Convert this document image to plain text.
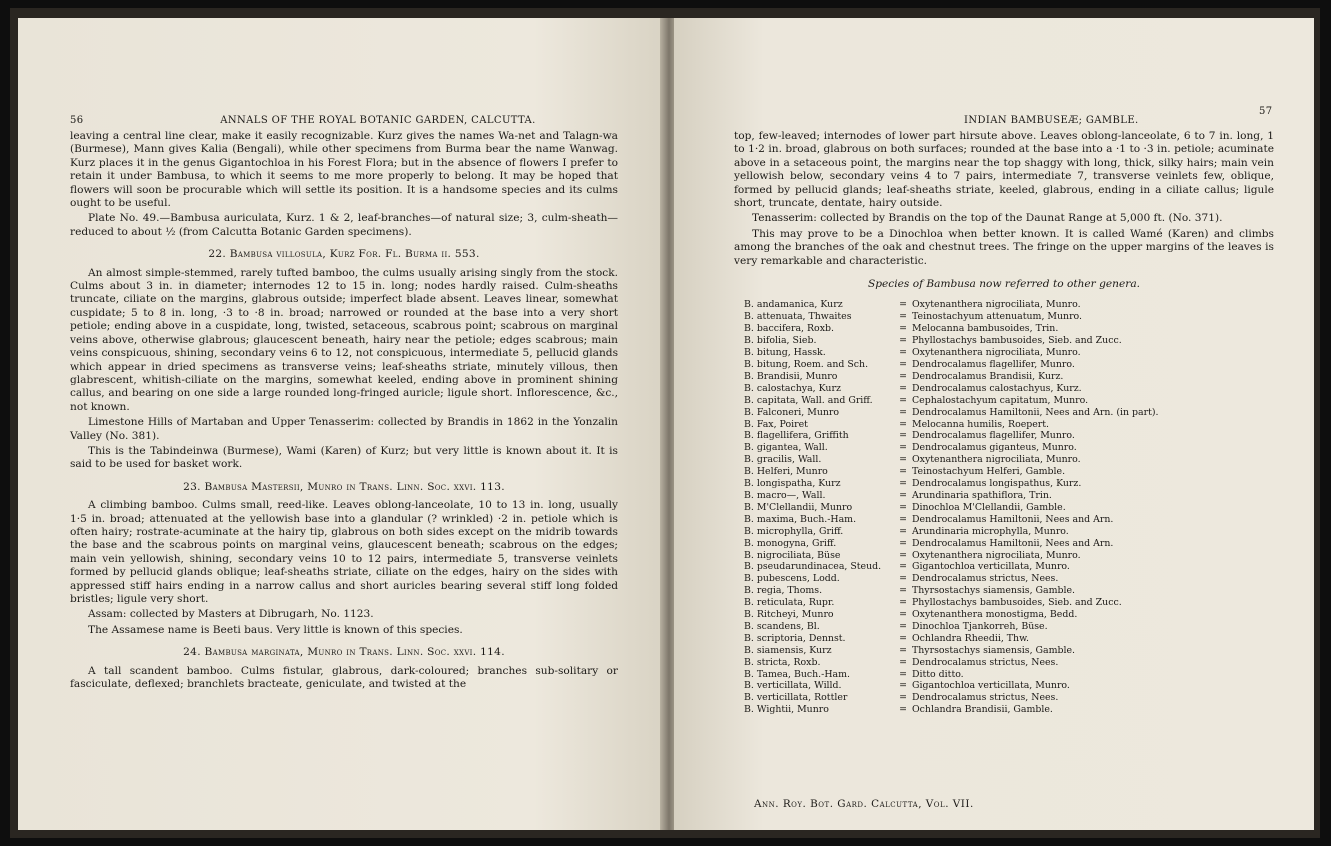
56	ANNALS OF THE ROYAL BOTANIC GARDEN, CALCUTTA.

leaving a central line clear, make it easily recognizable. Kurz gives the names Wa-net and Talagn-wa (Burmese), Mann gives Kalia (Bengali), while other specimens from Burma bear the name Wanwag. Kurz places it in the genus Gigantochloa in his Forest Flora; but in the absence of flowers I prefer to retain it under Bambusa, to which it seems to me more properly to belong. It may be hoped that flowers will soon be procurable which will settle its position. It is a handsome species and its culms ought to be useful.

Plate No. 49.—Bambusa auriculata, Kurz. 1 & 2, leaf-branches—of natural size; 3, culm-sheath—reduced to about ½ (from Calcutta Botanic Garden specimens).

22. Bambusa villosula, Kurz For. Fl. Burma ii. 553.

An almost simple-stemmed, rarely tufted bamboo, the culms usually arising singly from the stock. Culms about 3 in. in diameter; internodes 12 to 15 in. long; nodes hardly raised. Culm-sheaths truncate, ciliate on the margins, glabrous outside; imperfect blade absent. Leaves linear, somewhat cuspidate; 5 to 8 in. long, ·3 to ·8 in. broad; narrowed or rounded at the base into a very short petiole; ending above in a cuspidate, long, twisted, setaceous, scabrous point; scabrous on marginal veins above, otherwise glabrous; glaucescent beneath, hairy near the petiole; edges scabrous; main veins conspicuous, shining, secondary veins 6 to 12, not conspicuous, intermediate 5, pellucid glands which appear in dried specimens as transverse veins; leaf-sheaths striate, minutely villous, then glabrescent, whitish-ciliate on the margins, somewhat keeled, ending above in prominent shining callus, and bearing on one side a large rounded long-fringed auricle; ligule short. Inflorescence, &c., not known.

Limestone Hills of Martaban and Upper Tenasserim: collected by Brandis in 1862 in the Yonzalin Valley (No. 381).

This is the Tabindeinwa (Burmese), Wami (Karen) of Kurz; but very little is known about it. It is said to be used for basket work.

23. Bambusa Mastersii, Munro in Trans. Linn. Soc. xxvi. 113.

A climbing bamboo. Culms small, reed-like. Leaves oblong-lanceolate, 10 to 13 in. long, usually 1·5 in. broad; attenuated at the yellowish base into a glandular (? wrinkled) ·2 in. petiole which is often hairy; rostrate-acuminate at the hairy tip, glabrous on both sides except on the midrib towards the base and the scabrous points on marginal veins, glaucescent beneath; scabrous on the edges; main vein yellowish, shining, secondary veins 10 to 12 pairs, intermediate 5, transverse veinlets formed by pellucid glands oblique; leaf-sheaths striate, ciliate on the edges, hairy on the sides with appressed stiff hairs ending in a narrow callus and short auricles bearing several stiff long folded bristles; ligule very short.

Assam: collected by Masters at Dibrugarh, No. 1123.

The Assamese name is Beeti baus. Very little is known of this species.

24. Bambusa marginata, Munro in Trans. Linn. Soc. xxvi. 114.

A tall scandent bamboo. Culms fistular, glabrous, dark-coloured; branches sub-solitary or fasciculate, deflexed; branchlets bracteate, geniculate, and twisted at the

INDIAN BAMBUSEÆ; GAMBLE.
57

top, few-leaved; internodes of lower part hirsute above. Leaves oblong-lanceolate, 6 to 7 in. long, 1 to 1·2 in. broad, glabrous on both surfaces; rounded at the base into a ·1 to ·3 in. petiole; acuminate above in a setaceous point, the margins near the top shaggy with long, thick, silky hairs; main vein yellowish below, secondary veins 4 to 7 pairs, intermediate 7, transverse veinlets few, oblique, formed by pellucid glands; leaf-sheaths striate, keeled, glabrous, ending in a ciliate callus; ligule short, truncate, dentate, hairy outside.

Tenasserim: collected by Brandis on the top of the Daunat Range at 5,000 ft. (No. 371).

This may prove to be a Dinochloa when better known. It is called Wamé (Karen) and climbs among the branches of the oak and chestnut trees. The fringe on the upper margins of the leaves is very remarkable and characteristic.

Species of Bambusa now referred to other genera.
B. andamanica, Kurz	=	Oxytenanthera nigrociliata, Munro.
B. attenuata, Thwaites	=	Teinostachyum attenuatum, Munro.
B. baccifera, Roxb.	=	Melocanna bambusoides, Trin.
B. bifolia, Sieb.	=	Phyllostachys bambusoides, Sieb. and Zucc.
B. bitung, Hassk.	=	Oxytenanthera nigrociliata, Munro.
B. bitung, Roem. and Sch.	=	Dendrocalamus flagellifer, Munro.
B. Brandisii, Munro	=	Dendrocalamus Brandisii, Kurz.
B. calostachya, Kurz	=	Dendrocalamus calostachyus, Kurz.
B. capitata, Wall. and Griff.	=	Cephalostachyum capitatum, Munro.
B. Falconeri, Munro	=	Dendrocalamus Hamiltonii, Nees and Arn. (in part).
B. Fax, Poiret	=	Melocanna humilis, Roepert.
B. flagellifera, Griffith	=	Dendrocalamus flagellifer, Munro.
B. gigantea, Wall.	=	Dendrocalamus giganteus, Munro.
B. gracilis, Wall.	=	Oxytenanthera nigrociliata, Munro.
B. Helferi, Munro	=	Teinostachyum Helferi, Gamble.
B. longispatha, Kurz	=	Dendrocalamus longispathus, Kurz.
B. macro—, Wall.	=	Arundinaria spathiflora, Trin.
B. M'Clellandii, Munro	=	Dinochloa M'Clellandii, Gamble.
B. maxima, Buch.-Ham.	=	Dendrocalamus Hamiltonii, Nees and Arn.
B. microphylla, Griff.	=	Arundinaria microphylla, Munro.
B. monogyna, Griff.	=	Dendrocalamus Hamiltonii, Nees and Arn.
B. nigrociliata, Büse	=	Oxytenanthera nigrociliata, Munro.
B. pseudarundinacea, Steud.	=	Gigantochloa verticillata, Munro.
B. pubescens, Lodd.	=	Dendrocalamus strictus, Nees.
B. regia, Thoms.	=	Thyrsostachys siamensis, Gamble.
B. reticulata, Rupr.	=	Phyllostachys bambusoides, Sieb. and Zucc.
B. Ritcheyi, Munro	=	Oxytenanthera monostigma, Bedd.
B. scandens, Bl.	=	Dinochloa Tjankorreh, Büse.
B. scriptoria, Dennst.	=	Ochlandra Rheedii, Thw.
B. siamensis, Kurz	=	Thyrsostachys siamensis, Gamble.
B. stricta, Roxb.	=	Dendrocalamus strictus, Nees.
B. Tamea, Buch.-Ham.	=	Ditto ditto.
B. verticillata, Willd.	=	Gigantochloa verticillata, Munro.
B. verticillata, Rottler	=	Dendrocalamus strictus, Nees.
B. Wightii, Munro	=	Ochlandra Brandisii, Gamble.
Ann. Roy. Bot. Gard. Calcutta, Vol. VII.
